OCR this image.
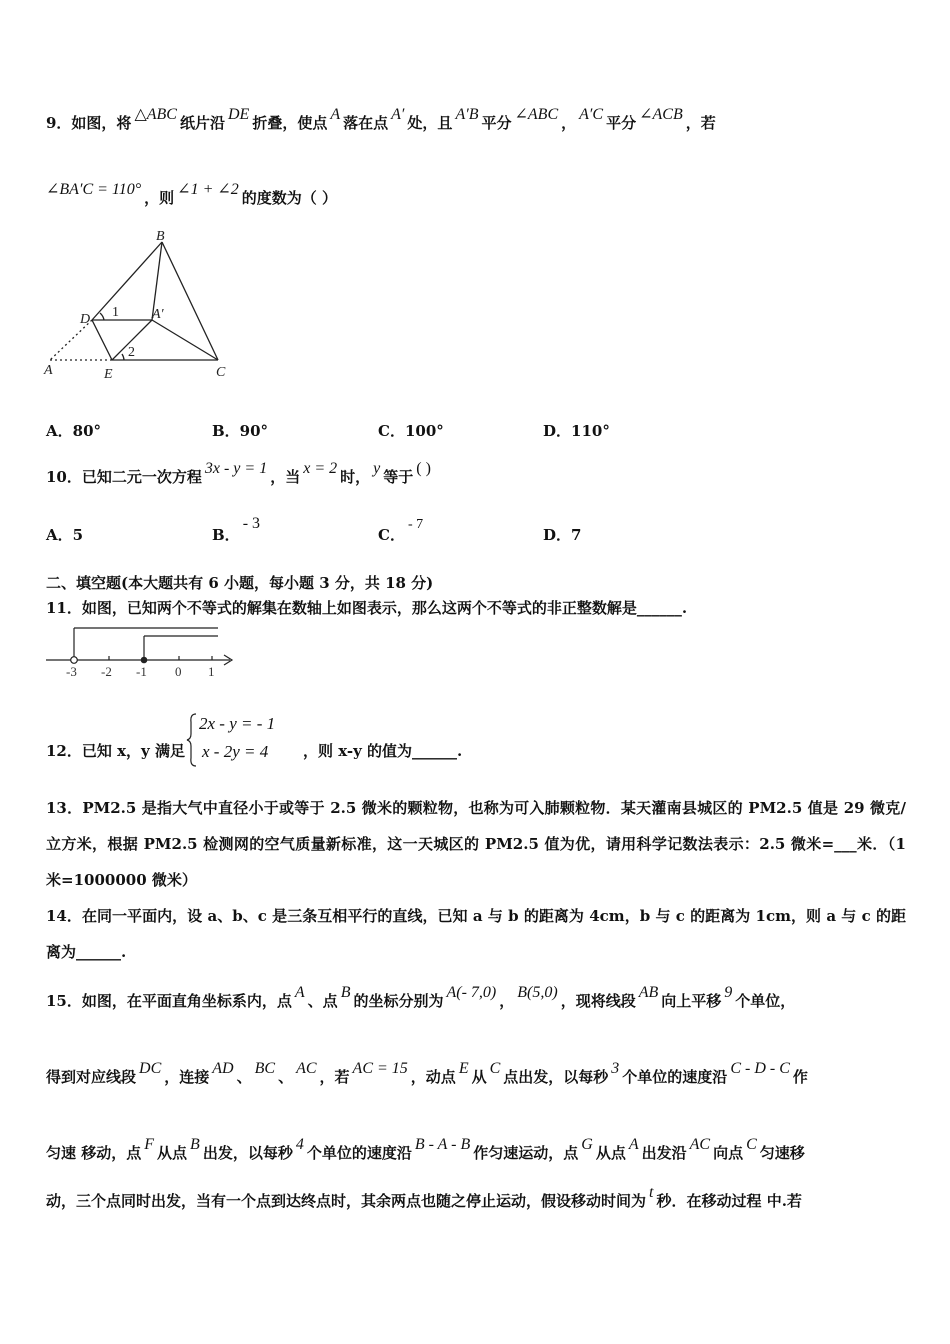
9．如图，将 △ABC 纸片沿 DE 折叠，使点 A 落在点 A′ 处，且 A′B 平分 ∠ABC ， A′C 平分 ∠ACB ，若
∠BA′C = 110° ，则 ∠1 + ∠2 的度数为（ ）
B
D 1 A′
2
A	E	C
A．80°	B．90°	C．100°	D．110°
10．已知二元一次方程 3x - y = 1 ，当 x = 2 时， y 等于 ( )
A．5	B．- 3
C．- 7
D．7
二、填空题(本大题共有 6 小题，每小题 3 分，共 18 分)
11．如图，已知两个不等式的解集在数轴上如图表示，那么这两个不等式的非正整数解是______.
-3 -2 -1 0 1
12．已知 x，y 满足	，则 x-y 的值为______.
2x - y = - 1
x - 2y = 4
13．PM2.5 是指大气中直径小于或等于 2.5 微米的颗粒物，也称为可入肺颗粒物．某天灌南县城区的 PM2.5 值是 29 微克/立方米，根据 PM2.5 检测网的空气质量新标准，这一天城区的 PM2.5 值为优，请用科学记数法表示：2.5 微米=___米．（1 米=1000000 微米）
14．在同一平面内，设 a、b、c 是三条互相平行的直线，已知 a 与 b 的距离为 4cm，b 与 c 的距离为 1cm，则 a 与 c 的距离为______.
15．如图，在平面直角坐标系内，点 A 、点 B 的坐标分别为 A(- 7,0) ， B(5,0) ，现将线段 AB 向上平移 9 个单位，
得到对应线段 DC ，连接 AD 、 BC 、 AC ，若 AC = 15 ，动点 E 从 C 点出发，以每秒 3 个单位的速度沿 C - D - C 作
匀速 移动，点 F 从点 B 出发，以每秒 4 个单位的速度沿 B - A - B 作匀速运动，点 G 从点 A 出发沿 AC 向点 C 匀速移
动，三个点同时出发，当有一个点到达终点时，其余两点也随之停止运动，假设移动时间为 t 秒．在移动过程 中.若
